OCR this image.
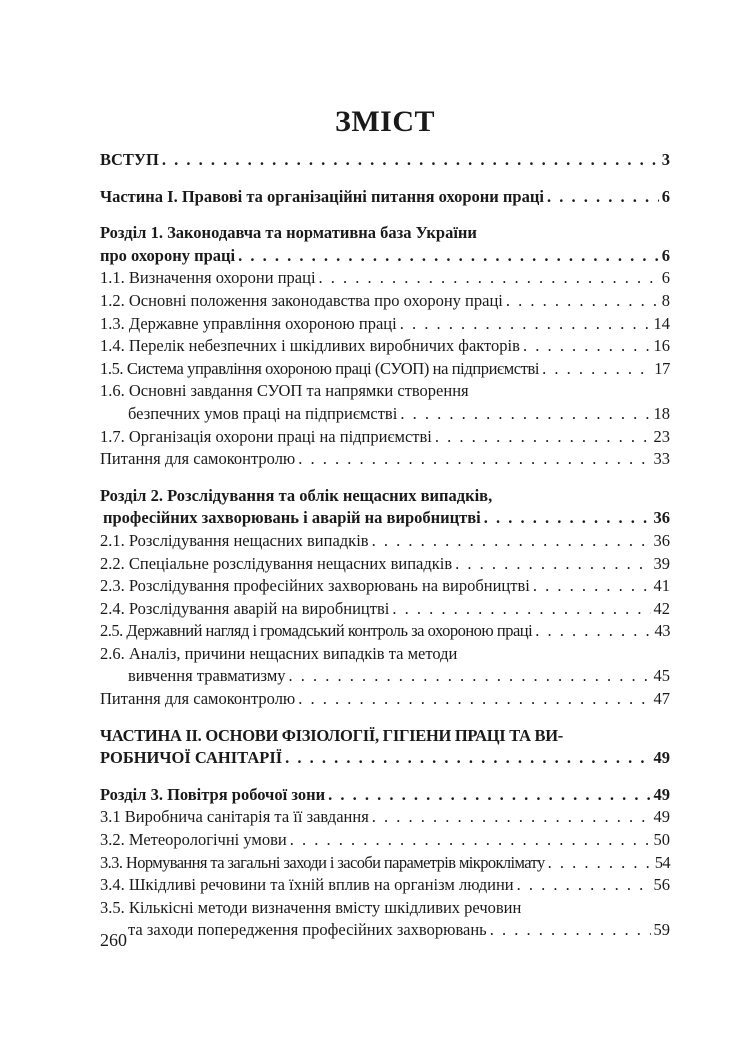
ЗМІСТ
ВСТУП . . .	3
Частина І. Правові та організаційні питання охорони праці . . .	6
Розділ 1. Законодавча та нормативна база України
про охорону праці . . .	6
1.1. Визначення охорони праці . . .	6
1.2. Основні положення законодавства про охорону праці . . .	8
1.3. Державне управління охороною праці . . .	14
1.4. Перелік небезпечних і шкідливих виробничих факторів . . .	16
1.5. Система управління охороною праці (СУОП) на підприємстві . . .	17
1.6. Основні завдання СУОП та напрямки створення
безпечних умов праці на підприємстві . . .	18
1.7. Організація охорони праці на підприємстві . . .	23
Питання для самоконтролю . . .	33
Розділ 2. Розслідування та облік нещасних випадків,
професійних захворювань і аварій на виробництві . . .	36
2.1. Розслідування нещасних випадків . . .	36
2.2. Спеціальне розслідування нещасних випадків . . .	39
2.3. Розслідування професійних захворювань на виробництві . . .	41
2.4. Розслідування аварій на виробництві . . .	42
2.5. Державний нагляд і громадський контроль за охороною праці . . .	43
2.6. Аналіз, причини нещасних випадків та методи
вивчення травматизму . . .	45
Питання для самоконтролю . . .	47
ЧАСТИНА ІІ. ОСНОВИ ФІЗІОЛОГІЇ, ГІГІЕНИ ПРАЦІ ТА ВИ-
РОБНИЧОЇ САНІТАРІЇ . . .	49
Розділ 3. Повітря робочої зони . . .	49
3.1 Виробнича санітарія та її завдання . . .	49
3.2. Метеорологічні умови . . .	50
3.3. Нормування та загальні заходи і засоби параметрів мікроклімату . . .	54
3.4. Шкідливі речовини та їхній вплив на організм людини . . .	56
3.5. Кількісні методи визначення вмісту шкідливих речовин
та заходи попередження професійних захворювань . . .	59
260
